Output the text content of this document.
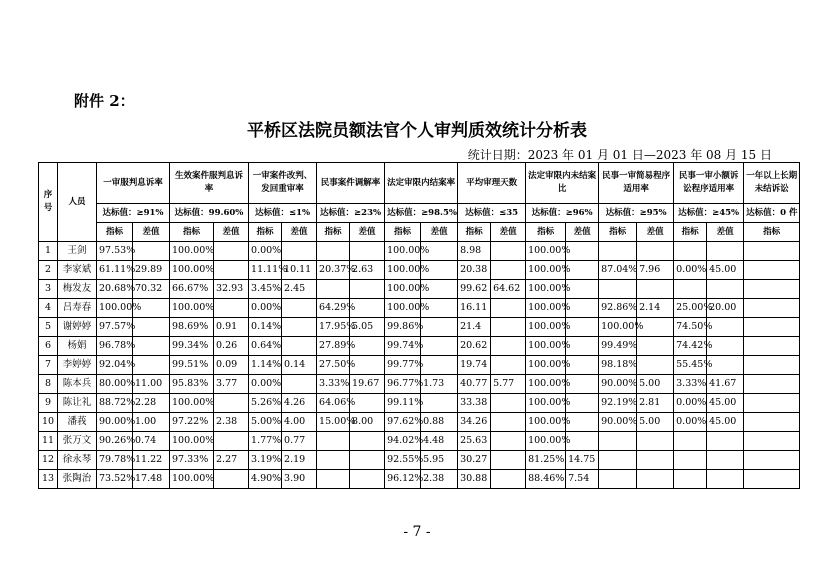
附件 2：
平桥区法院员额法官个人审判质效统计分析表
统计日期：2023 年 01 月 01 日—2023 年 08 月 15 日
序号	人员	一审服判息诉率		生效案件服判息诉率		一审案件改判、发回重审率		民事案件调解率		法定审限内结案率		平均审理天数		法定审限内未结案比		民事一审简易程序适用率		民事一审小额诉讼程序适用率		一年以上长期未结诉讼
		达标值：≥91%		达标值：99.60%		达标值：≤1%		达标值：≥23%		达标值：≥98.5%		达标值：≤35		达标值：≥96%		达标值：≥95%		达标值：≥45%		达标值：0 件
		指标	差值	指标	差值	指标	差值	指标	差值	指标	差值	指标	差值	指标	差值	指标	差值	指标	差值	指标
1	王剑	97.53%		100.00%		0.00%				100.00%		8.98		100.00%						
2	李家斌	61.11%	29.89	100.00%		11.11%	10.11	20.37%	2.63	100.00%		20.38		100.00%		87.04%	7.96	0.00%	45.00	
3	梅发友	20.68%	70.32	66.67%	32.93	3.45%	2.45			100.00%		99.62	64.62	100.00%						
4	吕寿春	100.00%		100.00%		0.00%		64.29%		100.00%		16.11		100.00%		92.86%	2.14	25.00%	20.00	
5	谢婷婷	97.57%		98.69%	0.91	0.14%		17.95%	5.05	99.86%		21.4		100.00%		100.00%		74.50%		
6	杨娟	96.78%		99.34%	0.26	0.64%		27.89%		99.74%		20.62		100.00%		99.49%		74.42%		
7	李婷婷	92.04%		99.51%	0.09	1.14%	0.14	27.50%		99.77%		19.74		100.00%		98.18%		55.45%		
8	陈本兵	80.00%	11.00	95.83%	3.77	0.00%		3.33%	19.67	96.77%	1.73	40.77	5.77	100.00%		90.00%	5.00	3.33%	41.67	
9	陈让礼	88.72%	2.28	100.00%		5.26%	4.26	64.06%		99.11%		33.38		100.00%		92.19%	2.81	0.00%	45.00	
10	潘莪	90.00%	1.00	97.22%	2.38	5.00%	4.00	15.00%	8.00	97.62%	0.88	34.26		100.00%		90.00%	5.00	0.00%	45.00	
11	张万文	90.26%	0.74	100.00%		1.77%	0.77			94.02%	4.48	25.63		100.00%						
12	徐永琴	79.78%	11.22	97.33%	2.27	3.19%	2.19			92.55%	5.95	30.27		81.25%	14.75					
13	张陶治	73.52%	17.48	100.00%		4.90%	3.90			96.12%	2.38	30.88		88.46%	7.54					
- 7 -
